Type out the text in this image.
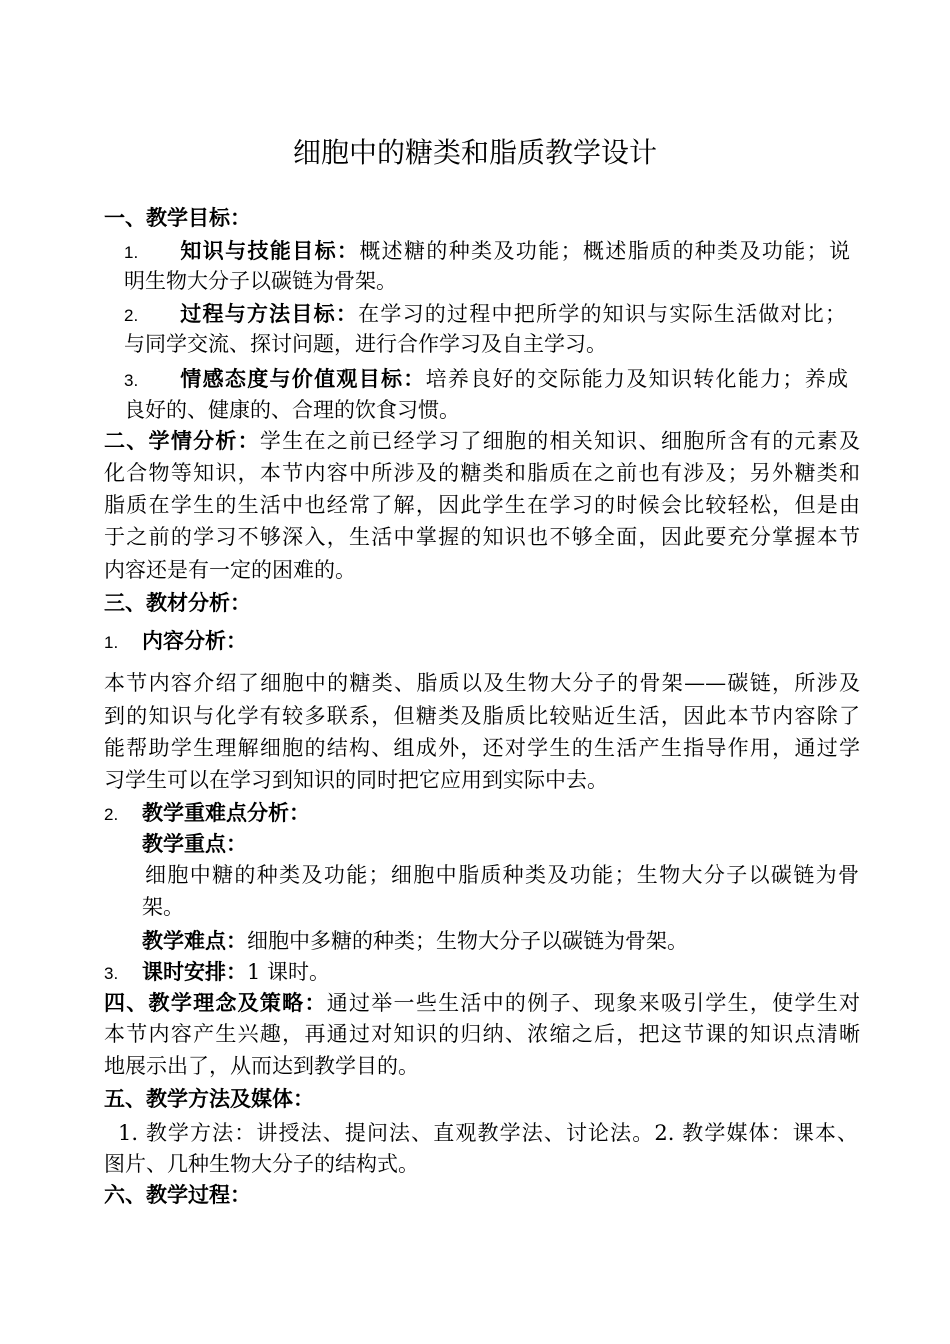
细胞中的糖类和脂质教学设计
一、教学目标：
1. 知识与技能目标：概述糖的种类及功能；概述脂质的种类及功能；说
明生物大分子以碳链为骨架。
2. 过程与方法目标：在学习的过程中把所学的知识与实际生活做对比；
与同学交流、探讨问题，进行合作学习及自主学习。
3. 情感态度与价值观目标：培养良好的交际能力及知识转化能力；养成
良好的、健康的、合理的饮食习惯。
二、学情分析：学生在之前已经学习了细胞的相关知识、细胞所含有的元素及
化合物等知识，本节内容中所涉及的糖类和脂质在之前也有涉及；另外糖类和
脂质在学生的生活中也经常了解，因此学生在学习的时候会比较轻松，但是由
于之前的学习不够深入，生活中掌握的知识也不够全面，因此要充分掌握本节
内容还是有一定的困难的。
三、教材分析：
1. 内容分析：
本节内容介绍了细胞中的糖类、脂质以及生物大分子的骨架——碳链，所涉及
到的知识与化学有较多联系，但糖类及脂质比较贴近生活，因此本节内容除了
能帮助学生理解细胞的结构、组成外，还对学生的生活产生指导作用，通过学
习学生可以在学习到知识的同时把它应用到实际中去。
2. 教学重难点分析：
教学重点：
细胞中糖的种类及功能；细胞中脂质种类及功能；生物大分子以碳链为骨
架。
教学难点：细胞中多糖的种类；生物大分子以碳链为骨架。
3. 课时安排：1 课时。
四、教学理念及策略：通过举一些生活中的例子、现象来吸引学生，使学生对
本节内容产生兴趣，再通过对知识的归纳、浓缩之后，把这节课的知识点清晰
地展示出了，从而达到教学目的。
五、教学方法及媒体：
1. 教学方法：讲授法、提问法、直观教学法、讨论法。2. 教学媒体：课本、
图片、几种生物大分子的结构式。
六、教学过程：
